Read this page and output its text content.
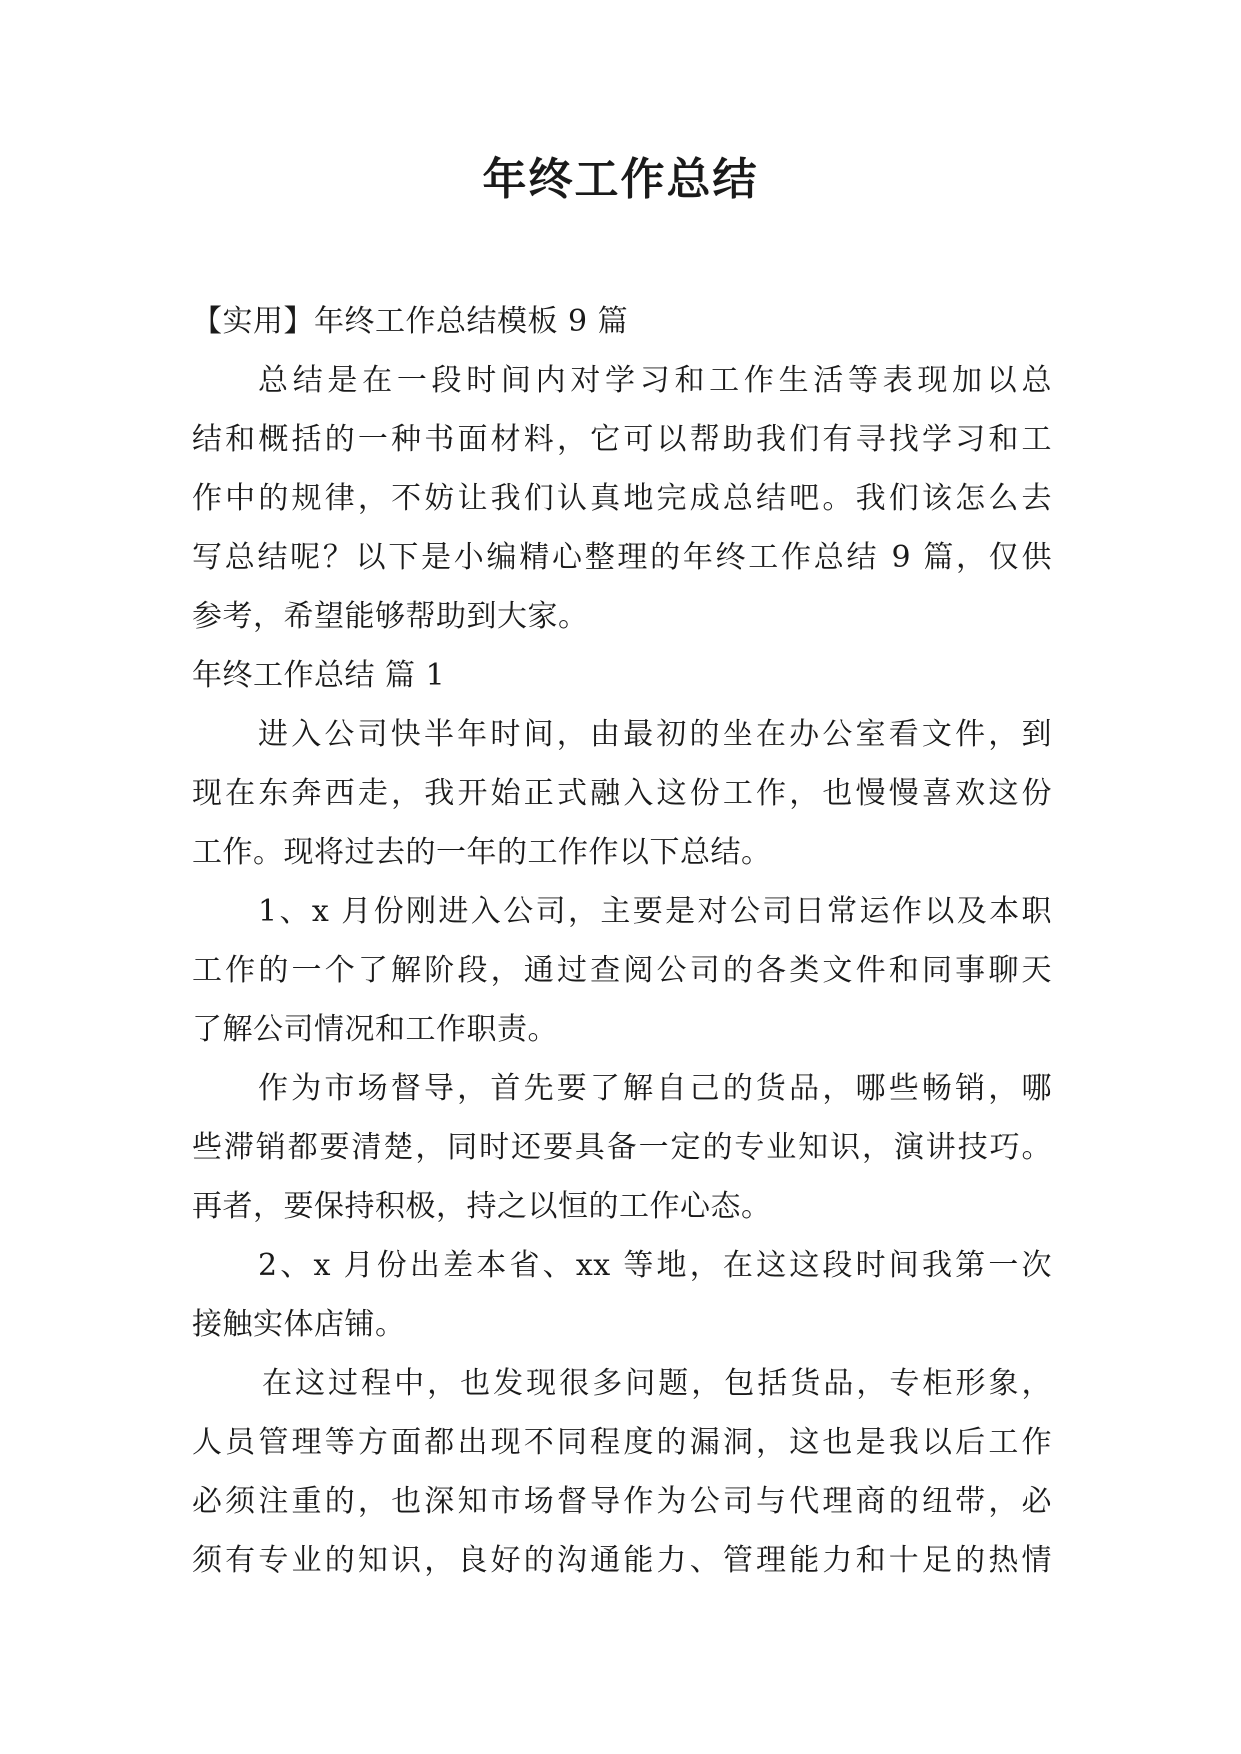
年终工作总结
【实用】年终工作总结模板 9 篇
总结是在一段时间内对学习和工作生活等表现加以总
结和概括的一种书面材料，它可以帮助我们有寻找学习和工
作中的规律，不妨让我们认真地完成总结吧。我们该怎么去
写总结呢？以下是小编精心整理的年终工作总结 9 篇，仅供
参考，希望能够帮助到大家。
年终工作总结 篇 1
进入公司快半年时间，由最初的坐在办公室看文件，到
现在东奔西走，我开始正式融入这份工作，也慢慢喜欢这份
工作。现将过去的一年的工作作以下总结。
1、x 月份刚进入公司，主要是对公司日常运作以及本职
工作的一个了解阶段，通过查阅公司的各类文件和同事聊天
了解公司情况和工作职责。
作为市场督导，首先要了解自己的货品，哪些畅销，哪
些滞销都要清楚，同时还要具备一定的专业知识，演讲技巧。
再者，要保持积极，持之以恒的工作心态。
2、x 月份出差本省、xx 等地，在这这段时间我第一次
接触实体店铺。
在这过程中，也发现很多问题，包括货品，专柜形象，
人员管理等方面都出现不同程度的漏洞，这也是我以后工作
必须注重的，也深知市场督导作为公司与代理商的纽带，必
须有专业的知识，良好的沟通能力、管理能力和十足的热情
